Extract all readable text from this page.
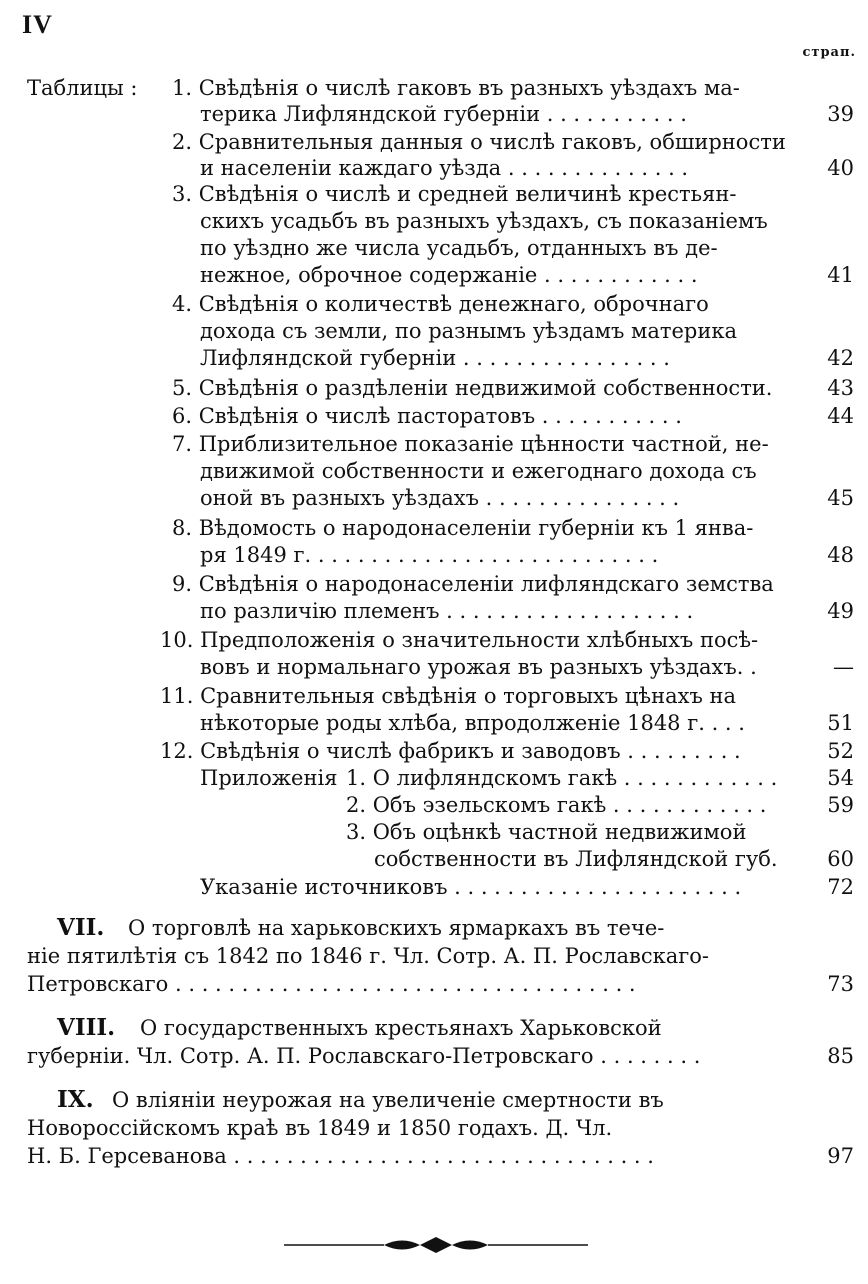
IV
страп.
Таблицы : 1. Свѣдѣнія о числѣ гаковъ въ разныхъ уѣздахъ ма-
терика Лифляндской губерніи . . . . . . . . . . .	39
2. Сравнительныя данныя о числѣ гаковъ, обширности
и населеніи каждаго уѣзда . . . . . . . . . . . . . .	40
3. Свѣдѣнія о числѣ и средней величинѣ крестьян-
скихъ усадьбъ въ разныхъ уѣздахъ, съ показаніемъ
по уѣздно же числа усадьбъ, отданныхъ въ де-
нежное, оброчное содержаніе . . . . . . . . . . . .	41
4. Свѣдѣнія о количествѣ денежнаго, оброчнаго
дохода съ земли, по разнымъ уѣздамъ материка
Лифляндской губерніи . . . . . . . . . . . . . . . .	42
5. Свѣдѣнія о раздѣленіи недвижимой собственности.	43
6. Свѣдѣнія о числѣ пасторатовъ . . . . . . . . . . .	44
7. Приблизительное показаніе цѣнности частной, не-
движимой собственности и ежегоднаго дохода съ
оной въ разныхъ уѣздахъ . . . . . . . . . . . . . . .	45
8. Вѣдомость о народонаселеніи губерніи къ 1 янва-
ря 1849 г. . . . . . . . . . . . . . . . . . . . . . . . . . .	48
9. Свѣдѣнія о народонаселеніи лифляндскаго земства
по различію племенъ . . . . . . . . . . . . . . . . . . .	49
10. Предположенія о значительности хлѣбныхъ посѣ-
вовъ и нормальнаго урожая въ разныхъ уѣздахъ. .	—
11. Сравнительныя свѣдѣнія о торговыхъ цѣнахъ на
нѣкоторые роды хлѣба, впродолженіе 1848 г. . . .	51
12. Свѣдѣнія о числѣ фабрикъ и заводовъ . . . . . . . . .	52
Приложенія 1. О лифляндскомъ гакѣ . . . . . . . . . . . .	54
2. Объ эзельскомъ гакѣ . . . . . . . . . . . .	59
3. Объ оцѣнкѣ частной недвижимой
собственности въ Лифляндской губ.	60
Указаніе источниковъ . . . . . . . . . . . . . . . . . . . . . .	72
VII. О торговлѣ на харьковскихъ ярмаркахъ въ тече-
ніе пятилѣтія съ 1842 по 1846 г. Чл. Сотр. А. П. Рославскаго-
Петровскаго . . . . . . . . . . . . . . . . . . . . . . . . . . . . . . . . . . .	73
VIII. О государственныхъ крестьянахъ Харьковской
губерніи. Чл. Сотр. А. П. Рославскаго-Петровскаго . . . . . . . .	85
IX. О вліяніи неурожая на увеличеніе смертности въ
Новороссійскомъ краѣ въ 1849 и 1850 годахъ. Д. Чл.
Н. Б. Герсеванова . . . . . . . . . . . . . . . . . . . . . . . . . . . . . . . .	97
